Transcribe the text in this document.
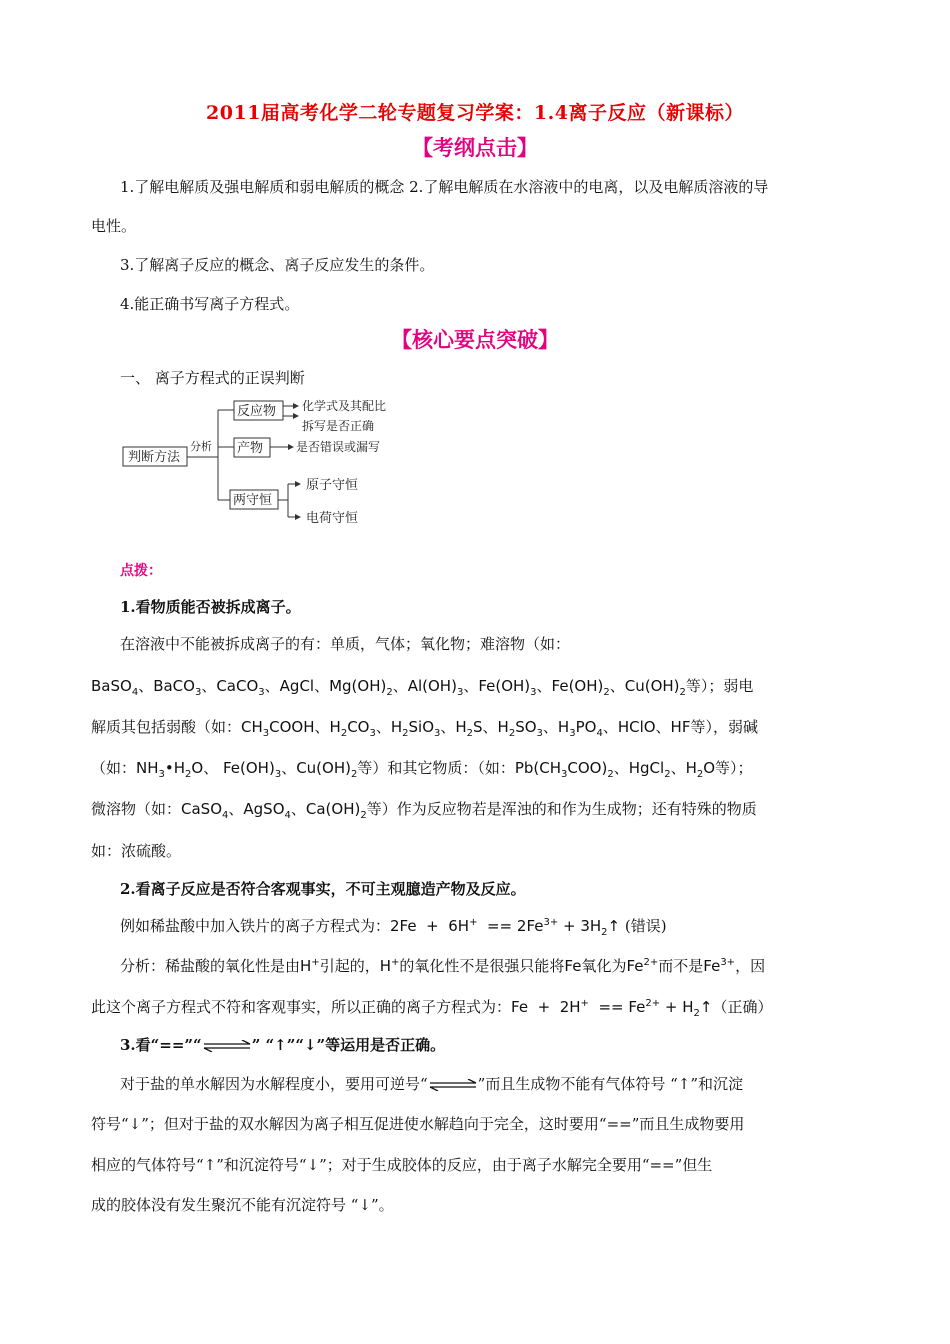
2011届高考化学二轮专题复习学案：1.4离子反应（新课标）
【考纲点击】
1.了解电解质及强电解质和弱电解质的概念 2.了解电解质在水溶液中的电离，以及电解质溶液的导
电性。
3.了解离子反应的概念、离子反应发生的条件。
4.能正确书写离子方程式。
【核心要点突破】
一、 离子方程式的正误判断
判断方法
分析
反应物
产物
两守恒
化学式及其配比
拆写是否正确
是否错误或漏写
原子守恒
电荷守恒
点拨：
1.看物质能否被拆成离子。
在溶液中不能被拆成离子的有：单质，气体；氧化物；难溶物（如：
BaSO$_4$、BaCO$_3$、CaCO$_3$、AgCl、$Mg(OH)_2$、$Al(OH)_3$、$Fe(OH)_3$、$Fe(OH)_2$、$Cu(OH)_2$等）；弱电
解质其包括弱酸（如：$CH_3COOH$、$H_2CO_3$、$H_2SiO_3$、$H_2S$、$H_2SO_3$、$H_3PO_4$、HClO、HF等），弱碱
（如：$NH_3•H_2O$、 $Fe(OH)_3$、$Cu(OH)_2$等）和其它物质：（如：$Pb(CH_3COO)_2$、HgCl$_2$、$H_2O$等）；
微溶物（如：CaSO$_4$、AgSO$_4$、$Ca(OH)_2$等）作为反应物若是浑浊的和作为生成物；还有特殊的物质
如：浓硫酸。
2.看离子反应是否符合客观事实，不可主观臆造产物及反应。
例如稀盐酸中加入铁片的离子方程式为：$2Fe + 6H^+ == 2Fe^{3+}$ + $3H_2↑$ (错误)
分析：稀盐酸的氧化性是由H+引起的，H+的氧化性不是很强只能将Fe氧化为$Fe^{2+}$而不是$Fe^{3+}$，因
此这个离子方程式不符和客观事实，所以正确的离子方程式为：$Fe + 2H^+ == Fe^{2+}$ + $H_2↑$（正确）
3.看“==”“⇌” “↑”“↓”等运用是否正确。
对于盐的单水解因为水解程度小，要用可逆号“⇌”而且生成物不能有气体符号 “↑”和沉淀
符号“↓”；但对于盐的双水解因为离子相互促进使水解趋向于完全，这时要用“==”而且生成物要用
相应的气体符号“↑”和沉淀符号“↓”；对于生成胶体的反应，由于离子水解完全要用“==”但生
成的胶体没有发生聚沉不能有沉淀符号 “↓”。
